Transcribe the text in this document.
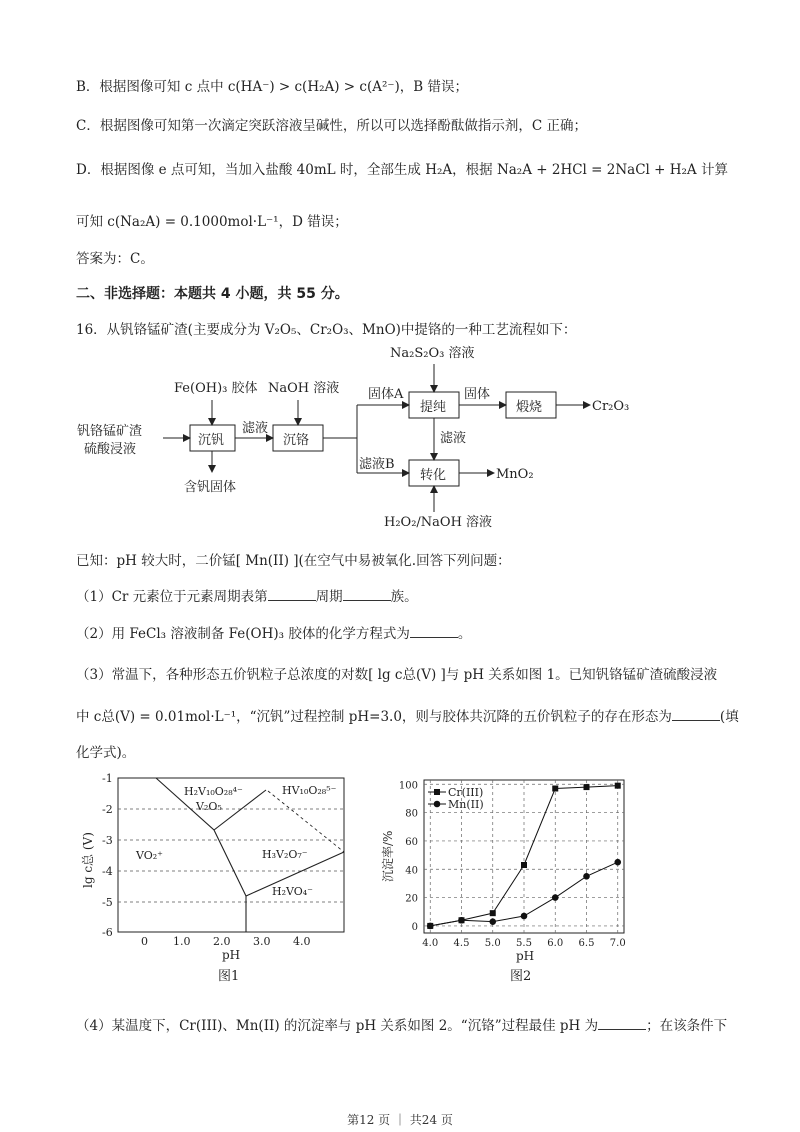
B．根据图像可知 c 点中 c(HA⁻) > c(H₂A) > c(A²⁻)，B 错误；
C．根据图像可知第一次滴定突跃溶液呈碱性，所以可以选择酚酞做指示剂，C 正确；
D．根据图像 e 点可知，当加入盐酸 40mL 时，全部生成 H₂A，根据 Na₂A + 2HCl = 2NaCl + H₂A 计算
可知 c(Na₂A) = 0.1000mol·L⁻¹，D 错误；
答案为：C。
二、非选择题：本题共 4 小题，共 55 分。
16．从钒铬锰矿渣(主要成分为 V₂O₅、Cr₂O₃、MnO)中提铬的一种工艺流程如下：
Na₂S₂O₃ 溶液
Fe(OH)₃ 胶体 NaOH 溶液 固体A	固体
钒铬锰矿渣
硫酸浸液
沉钒
滤液
沉铬
提纯	煅烧	Cr₂O₃
滤液
滤液B
转化	MnO₂
含钒固体
H₂O₂/NaOH 溶液
已知：pH 较大时，二价锰[ Mn(II) ](在空气中易被氧化.回答下列问题：
（1）Cr 元素位于元素周期表第	周期	族。
（2）用 FeCl₃ 溶液制备 Fe(OH)₃ 胶体的化学方程式为	。
（3）常温下，各种形态五价钒粒子总浓度的对数[ lg c总(V) ]与 pH 关系如图 1。已知钒铬锰矿渣硫酸浸液
中 c总(V) = 0.01mol·L⁻¹，“沉钒”过程控制 pH=3.0，则与胶体共沉降的五价钒粒子的存在形态为	(填
化学式)。
-1
-2
-3
-4
-5
-6
0 1.0 2.0 3.0 4.0
pH
lg c总 (V)
H₂V₁₀O₂₈⁴⁻
V₂O₅
HV₁₀O₂₈⁵⁻
VO₂⁺	H₃V₂O₇⁻
H₂VO₄⁻
图1
0
20
40
60
80
100
4.0 4.5 5.0 5.5 6.0 6.5 7.0
沉淀率/%
pH
图2
Cr(III)
Mn(II)
（4）某温度下，Cr(III)、Mn(II) 的沉淀率与 pH 关系如图 2。“沉铬”过程最佳 pH 为	；在该条件下
第12 页 ｜ 共24 页
